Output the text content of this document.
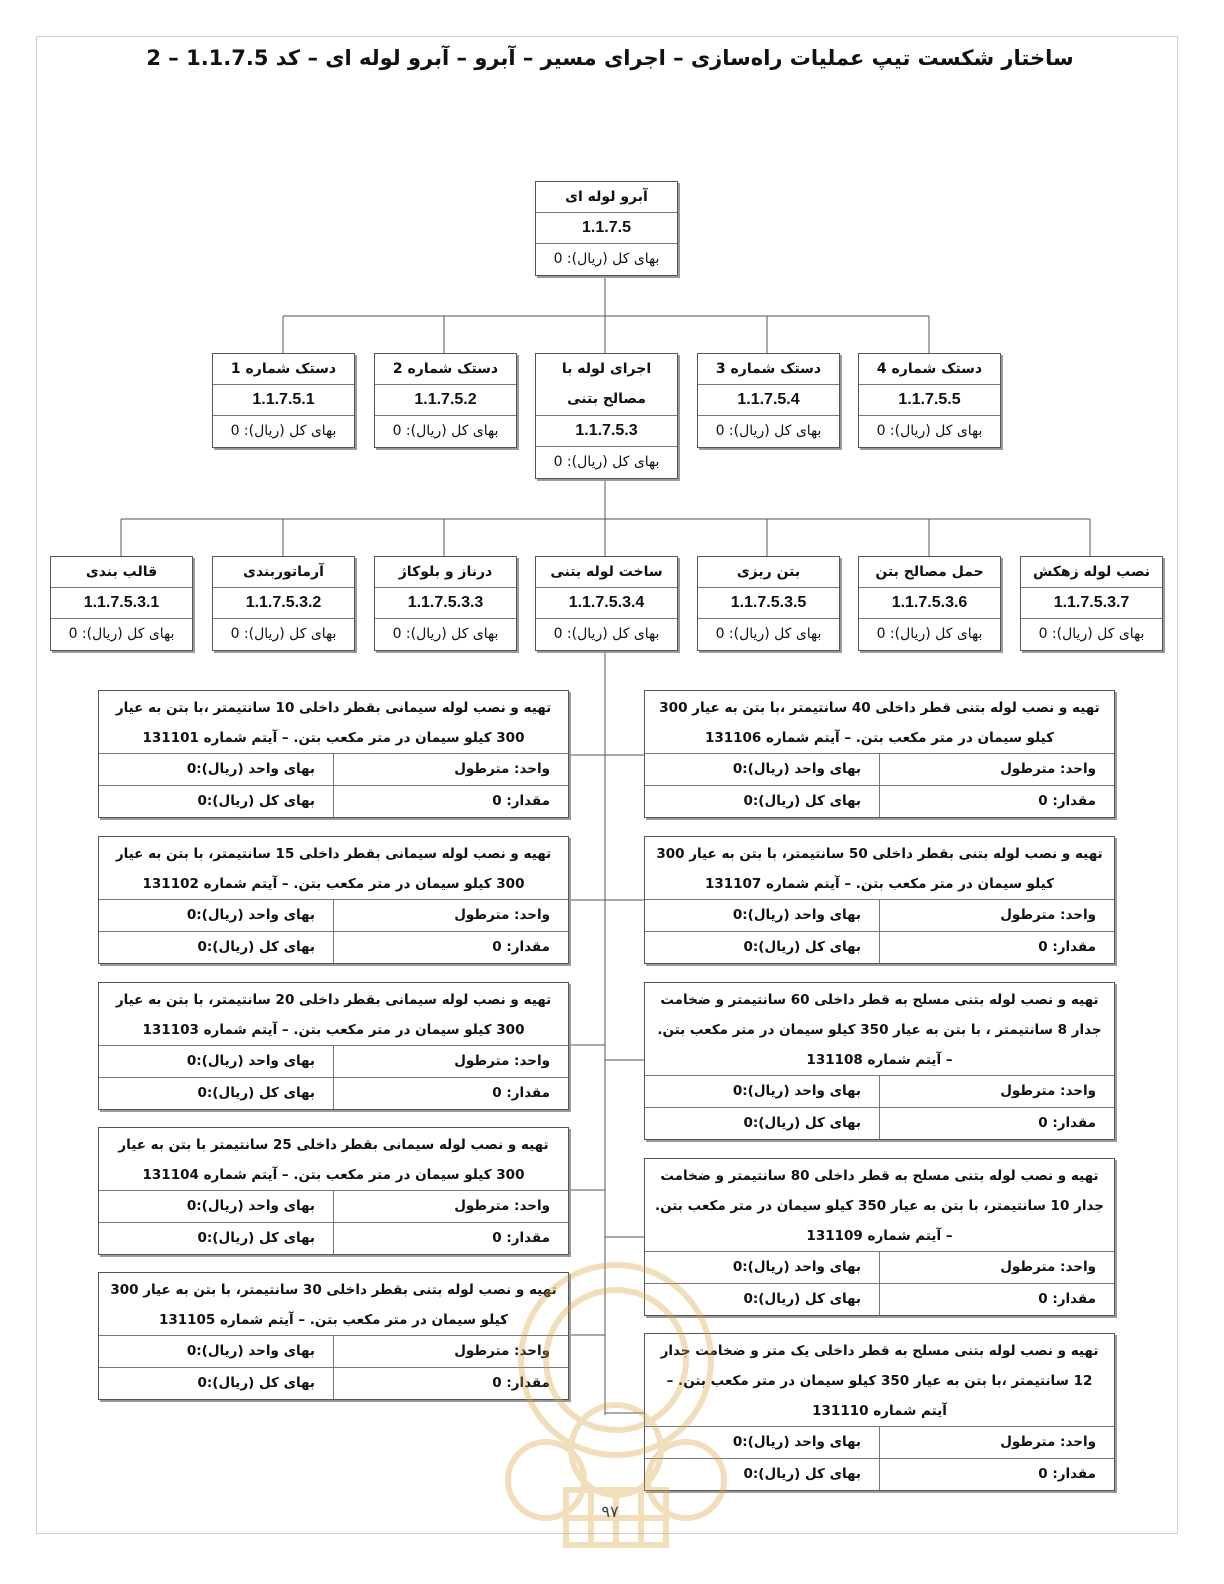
ساختار شکست تیپ عملیات راه‌سازی – اجرای مسیر – آبرو – آبرو لوله ای – کد 1.1.7.5 – 2
آبرو لوله ای
1.1.7.5
بهای کل (ریال): 0
دستک شماره 4
1.1.7.5.5
بهای کل (ریال): 0
دستک شماره 3
1.1.7.5.4
بهای کل (ریال): 0
اجرای لوله با مصالح بتنی
1.1.7.5.3
بهای کل (ریال): 0
دستک شماره 2
1.1.7.5.2
بهای کل (ریال): 0
دستک شماره 1
1.1.7.5.1
بهای کل (ریال): 0
نصب لوله زهکش
1.1.7.5.3.7
بهای کل (ریال): 0
حمل مصالح بتن
1.1.7.5.3.6
بهای کل (ریال): 0
بتن ریزی
1.1.7.5.3.5
بهای کل (ریال): 0
ساخت لوله بتنی
1.1.7.5.3.4
بهای کل (ریال): 0
درناز و بلوکاژ
1.1.7.5.3.3
بهای کل (ریال): 0
آرماتوربندی
1.1.7.5.3.2
بهای کل (ریال): 0
قالب بندی
1.1.7.5.3.1
بهای کل (ریال): 0
تهیه و نصب لوله سیمانی بقطر داخلی 10 سانتیمتر ،با بتن به عیار 300 کیلو سیمان در متر مکعب بتن. – آیتم شماره 131101
واحد: مترطول
بهای واحد (ریال):0
مقدار: 0
بهای کل (ریال):0
تهیه و نصب لوله سیمانی بقطر داخلی 15 سانتیمتر، با بتن به عیار 300 کیلو سیمان در متر مکعب بتن. – آیتم شماره 131102
واحد: مترطول
بهای واحد (ریال):0
مقدار: 0
بهای کل (ریال):0
تهیه و نصب لوله سیمانی بقطر داخلی 20 سانتیمتر، با بتن به عیار 300 کیلو سیمان در متر مکعب بتن. – آیتم شماره 131103
واحد: مترطول
بهای واحد (ریال):0
مقدار: 0
بهای کل (ریال):0
تهیه و نصب لوله سیمانی بقطر داخلی 25 سانتیمتر با بتن به عیار 300 کیلو سیمان در متر مکعب بتن. – آیتم شماره 131104
واحد: مترطول
بهای واحد (ریال):0
مقدار: 0
بهای کل (ریال):0
تهیه و نصب لوله بتنی بقطر داخلی 30 سانتیمتر، با بتن به عیار 300 کیلو سیمان در متر مکعب بتن. – آیتم شماره 131105
واحد: مترطول
بهای واحد (ریال):0
مقدار: 0
بهای کل (ریال):0
تهیه و نصب لوله بتنی قطر داخلی 40 سانتیمتر ،با بتن به عیار 300 کیلو سیمان در متر مکعب بتن. – آیتم شماره 131106
واحد: مترطول
بهای واحد (ریال):0
مقدار: 0
بهای کل (ریال):0
تهیه و نصب لوله بتنی بقطر داخلی 50 سانتیمتر، با بتن به عیار 300 کیلو سیمان در متر مکعب بتن. – آیتم شماره 131107
واحد: مترطول
بهای واحد (ریال):0
مقدار: 0
بهای کل (ریال):0
تهیه و نصب لوله بتنی مسلح به قطر داخلی 60 سانتیمتر و ضخامت جدار 8 سانتیمتر ، با بتن به عیار 350 کیلو سیمان در متر مکعب بتن. – آیتم شماره 131108
واحد: مترطول
بهای واحد (ریال):0
مقدار: 0
بهای کل (ریال):0
تهیه و نصب لوله بتنی مسلح به قطر داخلی 80 سانتیمتر و ضخامت جدار 10 سانتیمتر، با بتن به عیار 350 کیلو سیمان در متر مکعب بتن. – آیتم شماره 131109
واحد: مترطول
بهای واحد (ریال):0
مقدار: 0
بهای کل (ریال):0
تهیه و نصب لوله بتنی مسلح به قطر داخلی یک متر و ضخامت جدار 12 سانتیمتر ،با بتن به عیار 350 کیلو سیمان در متر مکعب بتن. – آیتم شماره 131110
واحد: مترطول
بهای واحد (ریال):0
مقدار: 0
بهای کل (ریال):0
۹۷
